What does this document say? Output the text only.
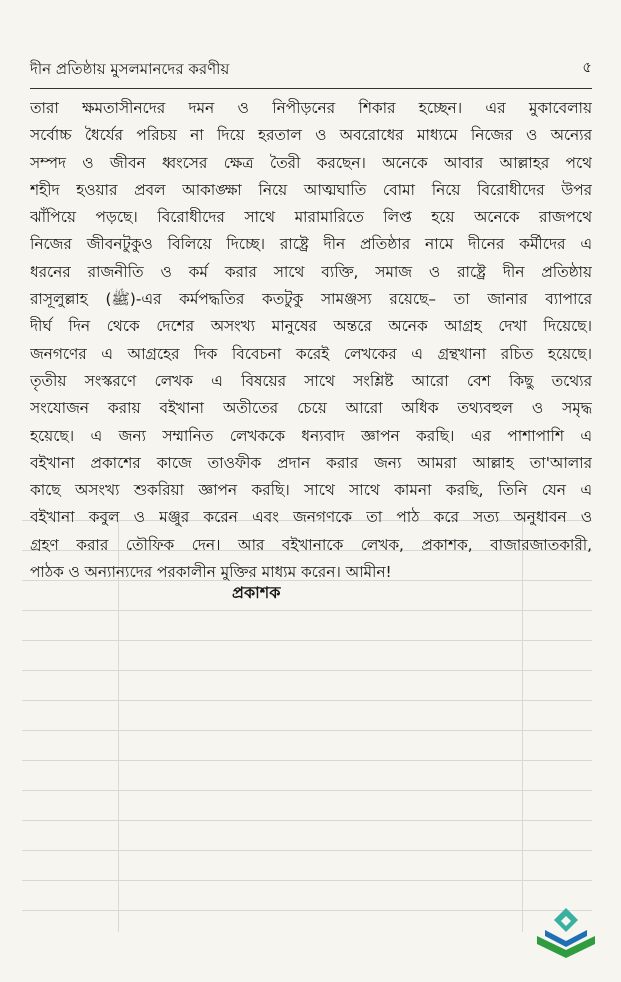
দীন প্রতিষ্ঠায় মুসলমানদের করণীয়	৫
তারা ক্ষমতাসীনদের দমন ও নিপীড়নের শিকার হচ্ছেন। এর মুকাবেলায়
সর্বোচ্চ ধৈর্যের পরিচয় না দিয়ে হরতাল ও অবরোধের মাধ্যমে নিজের ও অন্যের
সম্পদ ও জীবন ধ্বংসের ক্ষেত্র তৈরী করছেন। অনেকে আবার আল্লাহর পথে
শহীদ হওয়ার প্রবল আকাঙ্ক্ষা নিয়ে আত্মঘাতি বোমা নিয়ে বিরোধীদের উপর
ঝাঁপিয়ে পড়ছে। বিরোধীদের সাথে মারামারিতে লিপ্ত হয়ে অনেকে রাজপথে
নিজের জীবনটুকুও বিলিয়ে দিচ্ছে। রাষ্ট্রে দীন প্রতিষ্ঠার নামে দীনের কর্মীদের এ
ধরনের রাজনীতি ও কর্ম করার সাথে ব্যক্তি, সমাজ ও রাষ্ট্রে দীন প্রতিষ্ঠায়
রাসূলুল্লাহ (ﷺ)-এর কর্মপদ্ধতির কতটুকু সামঞ্জস্য রয়েছে– তা জানার ব্যাপারে
দীর্ঘ দিন থেকে দেশের অসংখ্য মানুষের অন্তরে অনেক আগ্রহ দেখা দিয়েছে।
জনগণের এ আগ্রহের দিক বিবেচনা করেই লেখকের এ গ্রন্থখানা রচিত হয়েছে।
তৃতীয় সংস্করণে লেখক এ বিষয়ের সাথে সংশ্লিষ্ট আরো বেশ কিছু তথ্যের
সংযোজন করায় বইখানা অতীতের চেয়ে আরো অধিক তথ্যবহুল ও সমৃদ্ধ
হয়েছে। এ জন্য সম্মানিত লেখককে ধন্যবাদ জ্ঞাপন করছি। এর পাশাপাশি এ
বইখানা প্রকাশের কাজে তাওফীক প্রদান করার জন্য আমরা আল্লাহ তা'আলার
কাছে অসংখ্য শুকরিয়া জ্ঞাপন করছি। সাথে সাথে কামনা করছি, তিনি যেন এ
বইখানা কবুল ও মঞ্জুর করেন এবং জনগণকে তা পাঠ করে সত্য অনুধাবন ও
গ্রহণ করার তৌফিক দেন। আর বইখানাকে লেখক, প্রকাশক, বাজারজাতকারী,
পাঠক ও অন্যান্যদের পরকালীন মুক্তির মাধ্যম করেন। আমীন!
প্রকাশক
